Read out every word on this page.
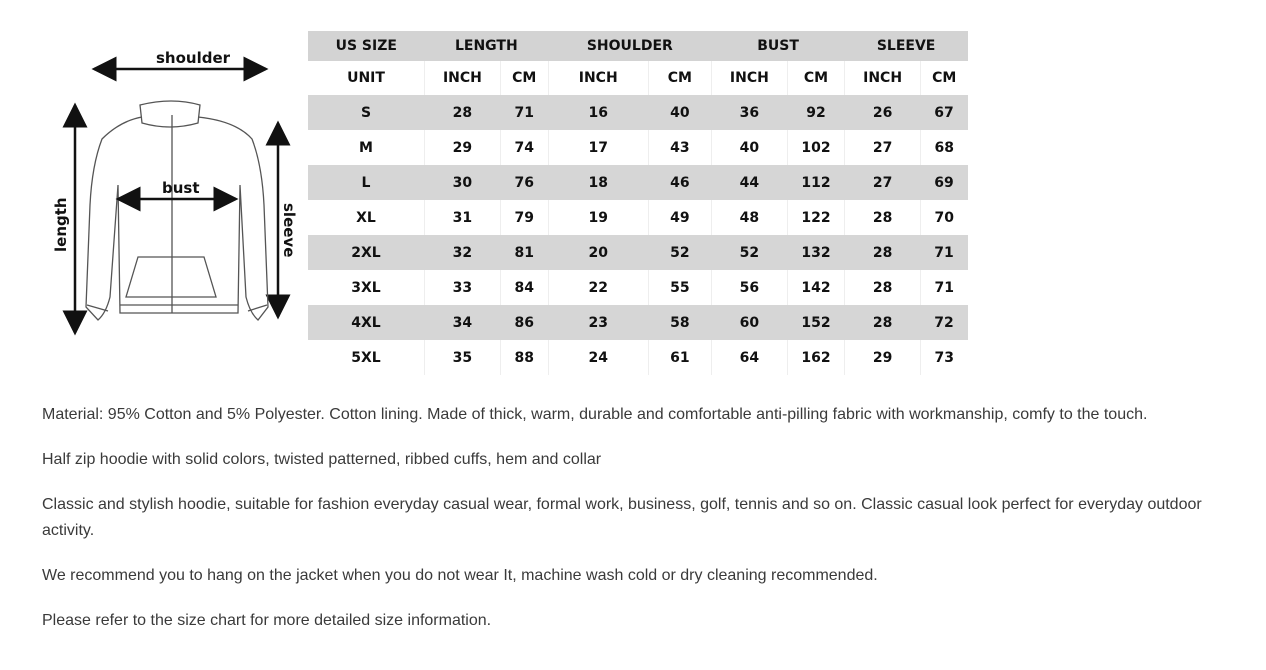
shoulder
length	sleeve
bust
US SIZE	LENGTH		SHOULDER		BUST		SLEEVE	
UNIT	INCH	CM	INCH	CM	INCH	CM	INCH	CM
S	28	71	16	40	36	92	26	67
M	29	74	17	43	40	102	27	68
L	30	76	18	46	44	112	27	69
XL	31	79	19	49	48	122	28	70
2XL	32	81	20	52	52	132	28	71
3XL	33	84	22	55	56	142	28	71
4XL	34	86	23	58	60	152	28	72
5XL	35	88	24	61	64	162	29	73

Material: 95% Cotton and 5% Polyester. Cotton lining. Made of thick, warm, durable and comfortable anti-pilling fabric with workmanship, comfy to the touch.

Half zip hoodie with solid colors, twisted patterned, ribbed cuffs, hem and collar

Classic and stylish hoodie, suitable for fashion everyday casual wear, formal work, business, golf, tennis and so on. Classic casual look perfect for everyday outdoor activity.

We recommend you to hang on the jacket when you do not wear It, machine wash cold or dry cleaning recommended.

Please refer to the size chart for more detailed size information.
